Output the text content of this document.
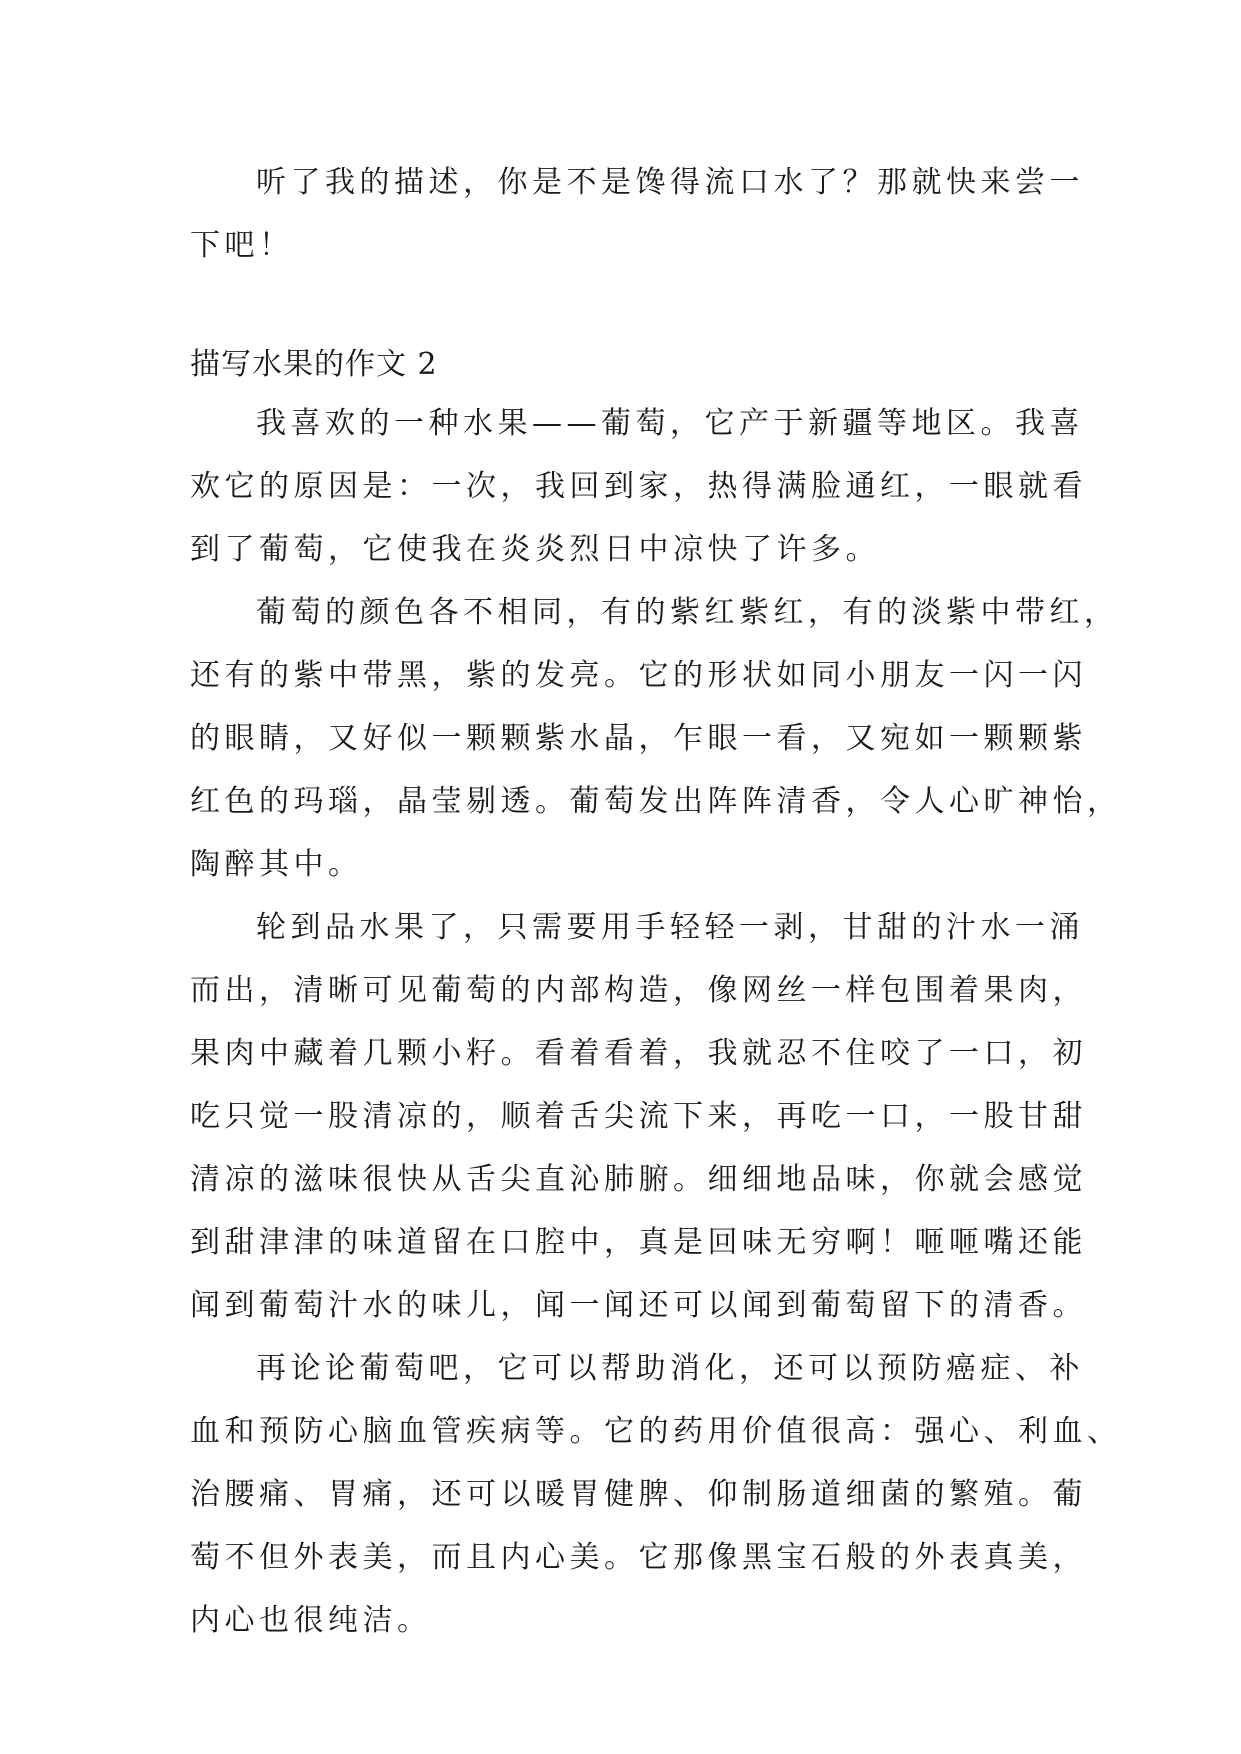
听了我的描述，你是不是馋得流口水了？那就快来尝一
下吧！
描写水果的作文 2
我喜欢的一种水果——葡萄，它产于新疆等地区。我喜
欢它的原因是：一次，我回到家，热得满脸通红，一眼就看
到了葡萄，它使我在炎炎烈日中凉快了许多。
葡萄的颜色各不相同，有的紫红紫红，有的淡紫中带红，
还有的紫中带黑，紫的发亮。它的形状如同小朋友一闪一闪
的眼睛，又好似一颗颗紫水晶，乍眼一看，又宛如一颗颗紫
红色的玛瑙，晶莹剔透。葡萄发出阵阵清香，令人心旷神怡，
陶醉其中。
轮到品水果了，只需要用手轻轻一剥，甘甜的汁水一涌
而出，清晰可见葡萄的内部构造，像网丝一样包围着果肉，
果肉中藏着几颗小籽。看着看着，我就忍不住咬了一口，初
吃只觉一股清凉的，顺着舌尖流下来，再吃一口，一股甘甜
清凉的滋味很快从舌尖直沁肺腑。细细地品味，你就会感觉
到甜津津的味道留在口腔中，真是回味无穷啊！咂咂嘴还能
闻到葡萄汁水的味儿，闻一闻还可以闻到葡萄留下的清香。
再论论葡萄吧，它可以帮助消化，还可以预防癌症、补
血和预防心脑血管疾病等。它的药用价值很高：强心、利血、
治腰痛、胃痛，还可以暖胃健脾、仰制肠道细菌的繁殖。葡
萄不但外表美，而且内心美。它那像黑宝石般的外表真美，
内心也很纯洁。
